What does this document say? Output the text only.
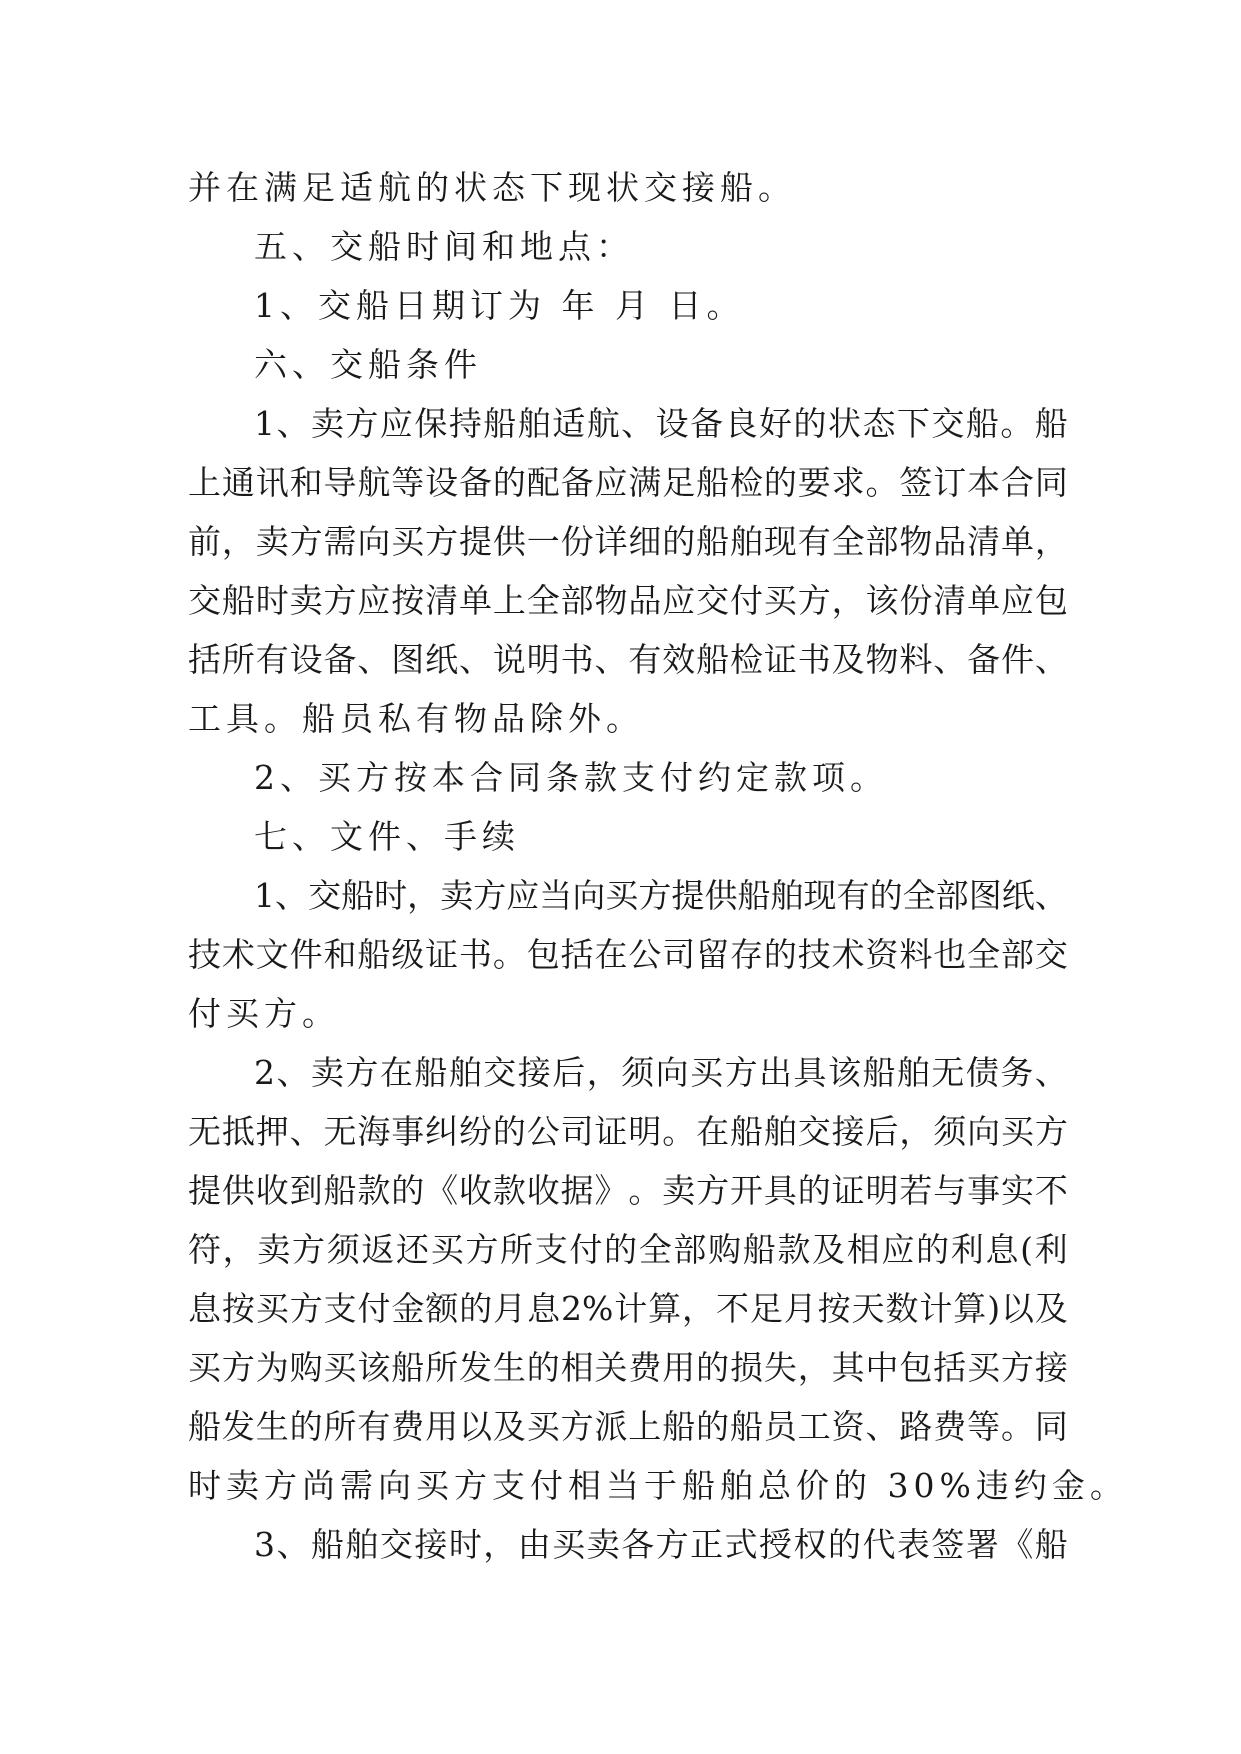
并在满足适航的状态下现状交接船。
五、交船时间和地点：
1、交船日期订为 年 月 日。
六、交船条件
1 、 卖 方 应 保 持 船 舶 适 航 、 设 备 良 好 的 状 态 下 交 船 。 船
上 通 讯 和 导 航 等 设 备 的 配 备 应 满 足 船 检 的 要 求 。 签 订 本 合 同
前 ， 卖 方 需 向 买 方 提 供 一 份 详 细 的 船 舶 现 有 全 部 物 品 清 单 ，
交 船 时 卖 方 应 按 清 单 上 全 部 物 品 应 交 付 买 方 ， 该 份 清 单 应 包
括 所 有 设 备 、 图 纸 、 说 明 书 、 有 效 船 检 证 书 及 物 料 、 备 件 、
工具。船员私有物品除外。
2、买方按本合同条款支付约定款项。
七、文件、手续
1 、 交 船 时 ， 卖 方 应 当 向 买 方 提 供 船 舶 现 有 的 全 部 图 纸 、
技 术 文 件 和 船 级 证 书 。 包 括 在 公 司 留 存 的 技 术 资 料 也 全 部 交
付买方。
2 、 卖 方 在 船 舶 交 接 后 ， 须 向 买 方 出 具 该 船 舶 无 债 务 、
无 抵 押 、 无 海 事 纠 纷 的 公 司 证 明 。 在 船 舶 交 接 后 ， 须 向 买 方
提 供 收 到 船 款 的 《 收 款 收 据 》 。 卖 方 开 具 的 证 明 若 与 事 实 不
符 ， 卖 方 须 返 还 买 方 所 支 付 的 全 部 购 船 款 及 相 应 的 利 息 ( 利
息 按 买 方 支 付 金 额 的 月 息 2% 计 算 ， 不 足 月 按 天 数 计 算 ) 以 及
买 方 为 购 买 该 船 所 发 生 的 相 关 费 用 的 损 失 ， 其 中 包 括 买 方 接
船 发 生 的 所 有 费 用 以 及 买 方 派 上 船 的 船 员 工 资 、 路 费 等 。 同
时卖方尚需向买方支付相当于船舶总价的 30%违约金。
3 、 船 舶 交 接 时 ， 由 买 卖 各 方 正 式 授 权 的 代 表 签 署 《 船
